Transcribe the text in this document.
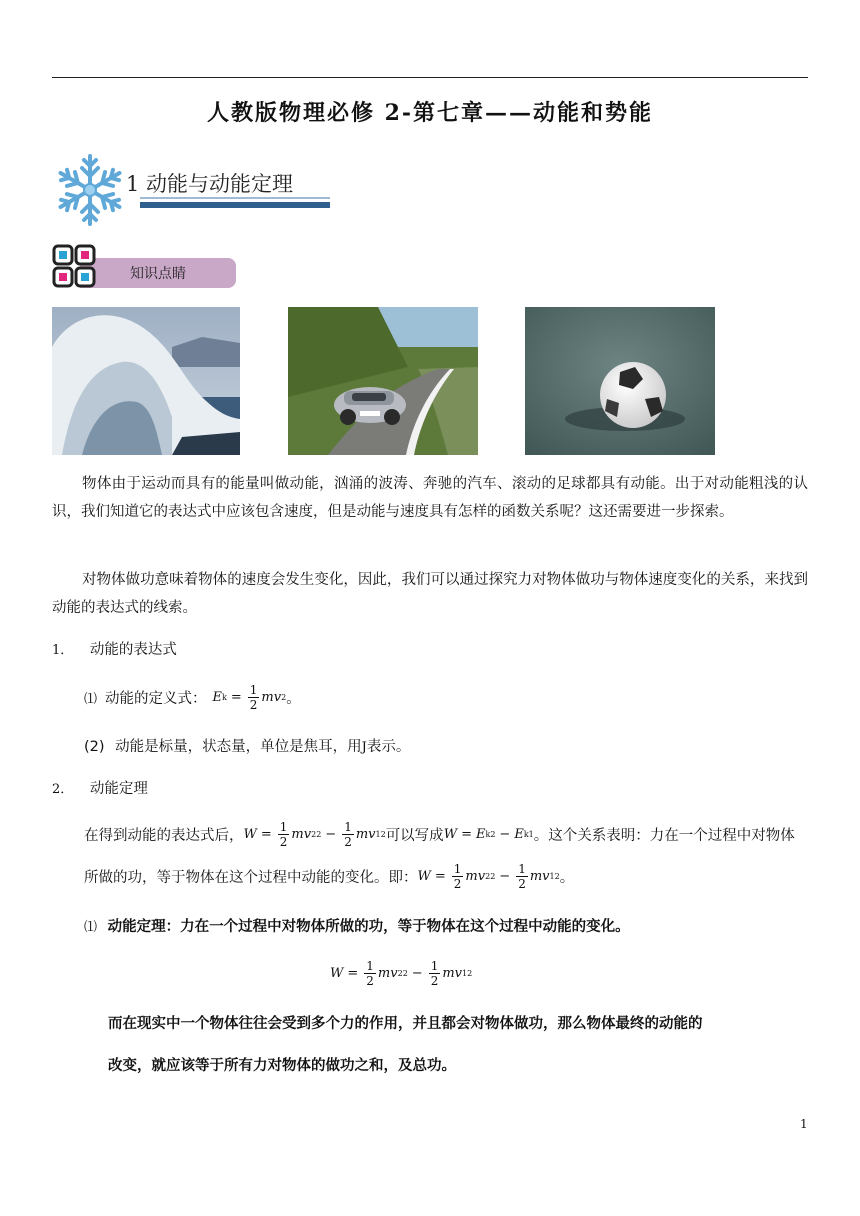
人教版物理必修 2-第七章——动能和势能
1 动能与动能定理
知识点睛
物体由于运动而具有的能量叫做动能，汹涌的波涛、奔驰的汽车、滚动的足球都具有动能。出于对动能粗浅的认识，我们知道它的表达式中应该包含速度，但是动能与速度具有怎样的函数关系呢？这还需要进一步探索。
对物体做功意味着物体的速度会发生变化，因此，我们可以通过探究力对物体做功与物体速度变化的关系，来找到动能的表达式的线索。
1． 动能的表达式
⑴ 动能的定义式： E $k = \frac{1}{2}$ mv 2 。
(2) 动能是标量，状态量，单位是焦耳，用J表示。
2． 动能定理
在得到动能的表达式后， $W = \frac{1}{2}$ mv 2 $2 - \frac{1}{2}$ mv 1 2 可以写成 W = E k2 − E k1 。这个关系表明：力在一个过程中对物体
所做的功，等于物体在这个过程中动能的变化。即： $W = \frac{1}{2}$ mv 2 $2 - \frac{1}{2}$ mv 1 2 。
⑴ 动能定理：力在一个过程中对物体所做的功，等于物体在这个过程中动能的变化。
$W = \frac{1}{2}$ mv 2 $2 - \frac{1}{2}$ mv 1 2
而在现实中一个物体往往会受到多个力的作用，并且都会对物体做功，那么物体最终的动能的
改变，就应该等于所有力对物体的做功之和，及总功。
1
